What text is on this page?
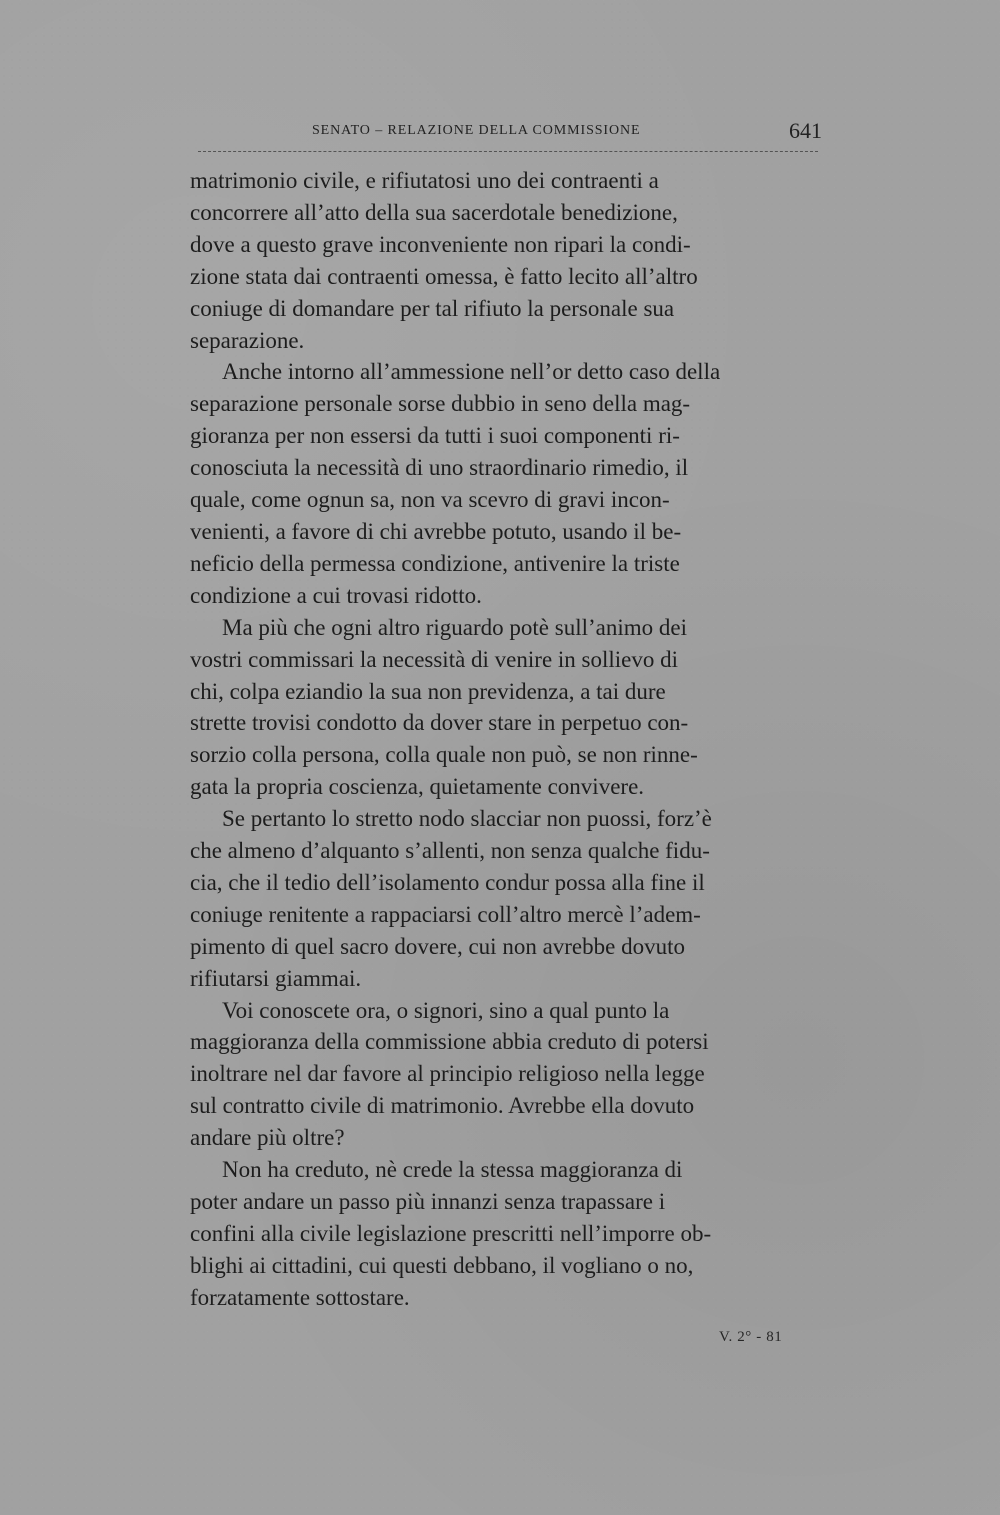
SENATO – RELAZIONE DELLA COMMISSIONE	641
matrimonio civile, e rifiutatosi uno dei contraenti a
concorrere all’atto della sua sacerdotale benedizione,
dove a questo grave inconveniente non ripari la condi-
zione stata dai contraenti omessa, è fatto lecito all’altro
coniuge di domandare per tal rifiuto la personale sua
separazione.
Anche intorno all’ammessione nell’or detto caso della
separazione personale sorse dubbio in seno della mag-
gioranza per non essersi da tutti i suoi componenti ri-
conosciuta la necessità di uno straordinario rimedio, il
quale, come ognun sa, non va scevro di gravi incon-
venienti, a favore di chi avrebbe potuto, usando il be-
neficio della permessa condizione, antivenire la triste
condizione a cui trovasi ridotto.
Ma più che ogni altro riguardo potè sull’animo dei
vostri commissari la necessità di venire in sollievo di
chi, colpa eziandio la sua non previdenza, a tai dure
strette trovisi condotto da dover stare in perpetuo con-
sorzio colla persona, colla quale non può, se non rinne-
gata la propria coscienza, quietamente convivere.
Se pertanto lo stretto nodo slacciar non puossi, forz’è
che almeno d’alquanto s’allenti, non senza qualche fidu-
cia, che il tedio dell’isolamento condur possa alla fine il
coniuge renitente a rappaciarsi coll’altro mercè l’adem-
pimento di quel sacro dovere, cui non avrebbe dovuto
rifiutarsi giammai.
Voi conoscete ora, o signori, sino a qual punto la
maggioranza della commissione abbia creduto di potersi
inoltrare nel dar favore al principio religioso nella legge
sul contratto civile di matrimonio. Avrebbe ella dovuto
andare più oltre?
Non ha creduto, nè crede la stessa maggioranza di
poter andare un passo più innanzi senza trapassare i
confini alla civile legislazione prescritti nell’imporre ob-
blighi ai cittadini, cui questi debbano, il vogliano o no,
forzatamente sottostare.
V. 2° - 81
